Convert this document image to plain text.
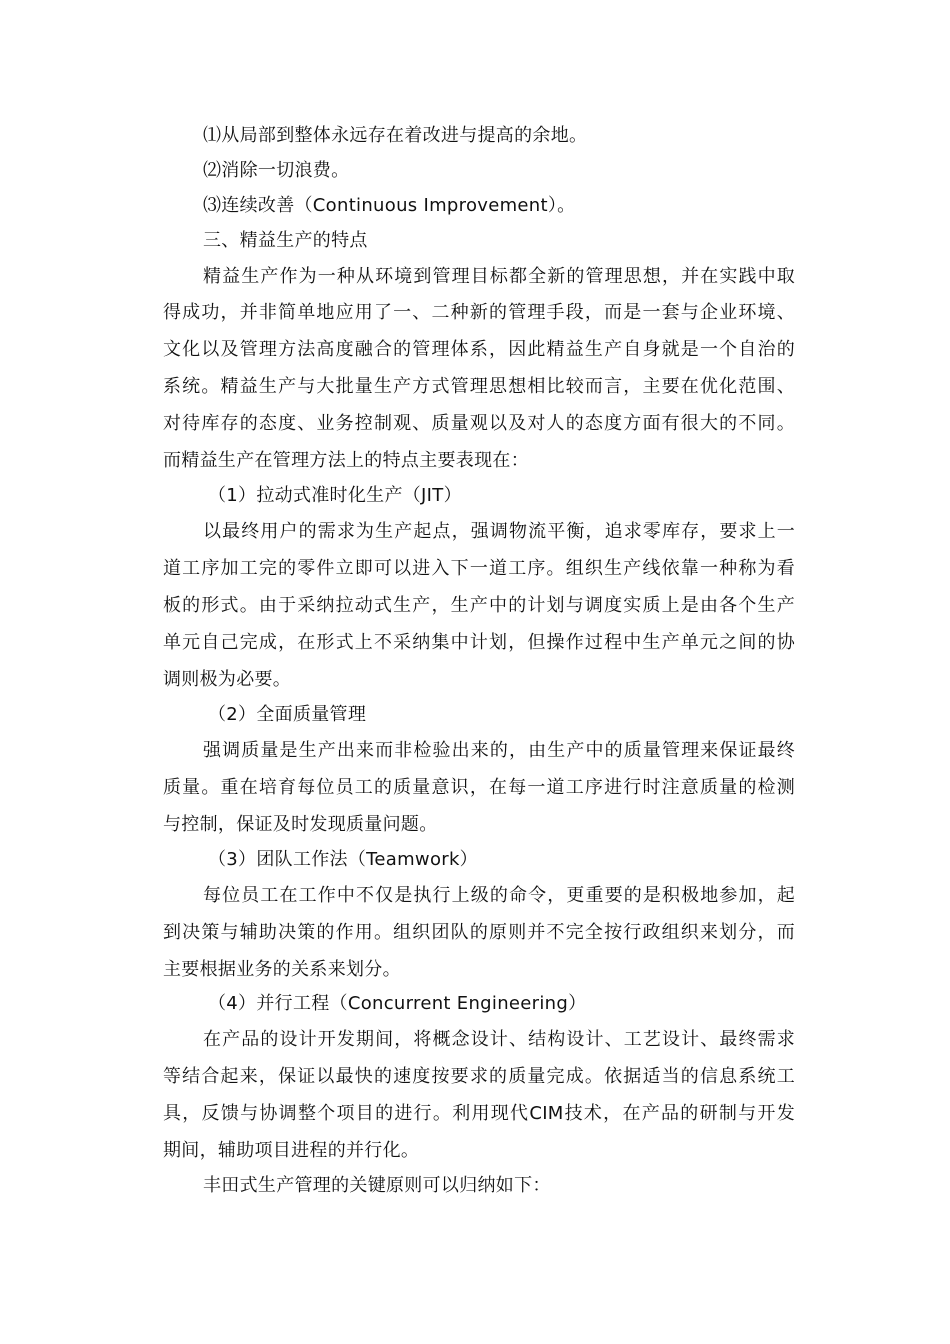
⑴从局部到整体永远存在着改进与提高的余地。
⑵消除一切浪费。
⑶连续改善（Continuous Improvement）。
三、精益生产的特点
精益生产作为一种从环境到管理目标都全新的管理思想，并在实践中取
得成功，并非简单地应用了一、二种新的管理手段，而是一套与企业环境、
文化以及管理方法高度融合的管理体系，因此精益生产自身就是一个自治的
系统。精益生产与大批量生产方式管理思想相比较而言，主要在优化范围、
对待库存的态度、业务控制观、质量观以及对人的态度方面有很大的不同。
而精益生产在管理方法上的特点主要表现在：
（1）拉动式准时化生产（JIT）
以最终用户的需求为生产起点，强调物流平衡，追求零库存，要求上一
道工序加工完的零件立即可以进入下一道工序。组织生产线依靠一种称为看
板的形式。由于采纳拉动式生产，生产中的计划与调度实质上是由各个生产
单元自己完成，在形式上不采纳集中计划，但操作过程中生产单元之间的协
调则极为必要。
（2）全面质量管理
强调质量是生产出来而非检验出来的，由生产中的质量管理来保证最终
质量。重在培育每位员工的质量意识，在每一道工序进行时注意质量的检测
与控制，保证及时发现质量问题。
（3）团队工作法（Teamwork）
每位员工在工作中不仅是执行上级的命令，更重要的是积极地参加，起
到决策与辅助决策的作用。组织团队的原则并不完全按行政组织来划分，而
主要根据业务的关系来划分。
（4）并行工程（Concurrent Engineering）
在产品的设计开发期间，将概念设计、结构设计、工艺设计、最终需求
等结合起来，保证以最快的速度按要求的质量完成。依据适当的信息系统工
具，反馈与协调整个项目的进行。利用现代CIM技术，在产品的研制与开发
期间，辅助项目进程的并行化。
丰田式生产管理的关键原则可以归纳如下：
